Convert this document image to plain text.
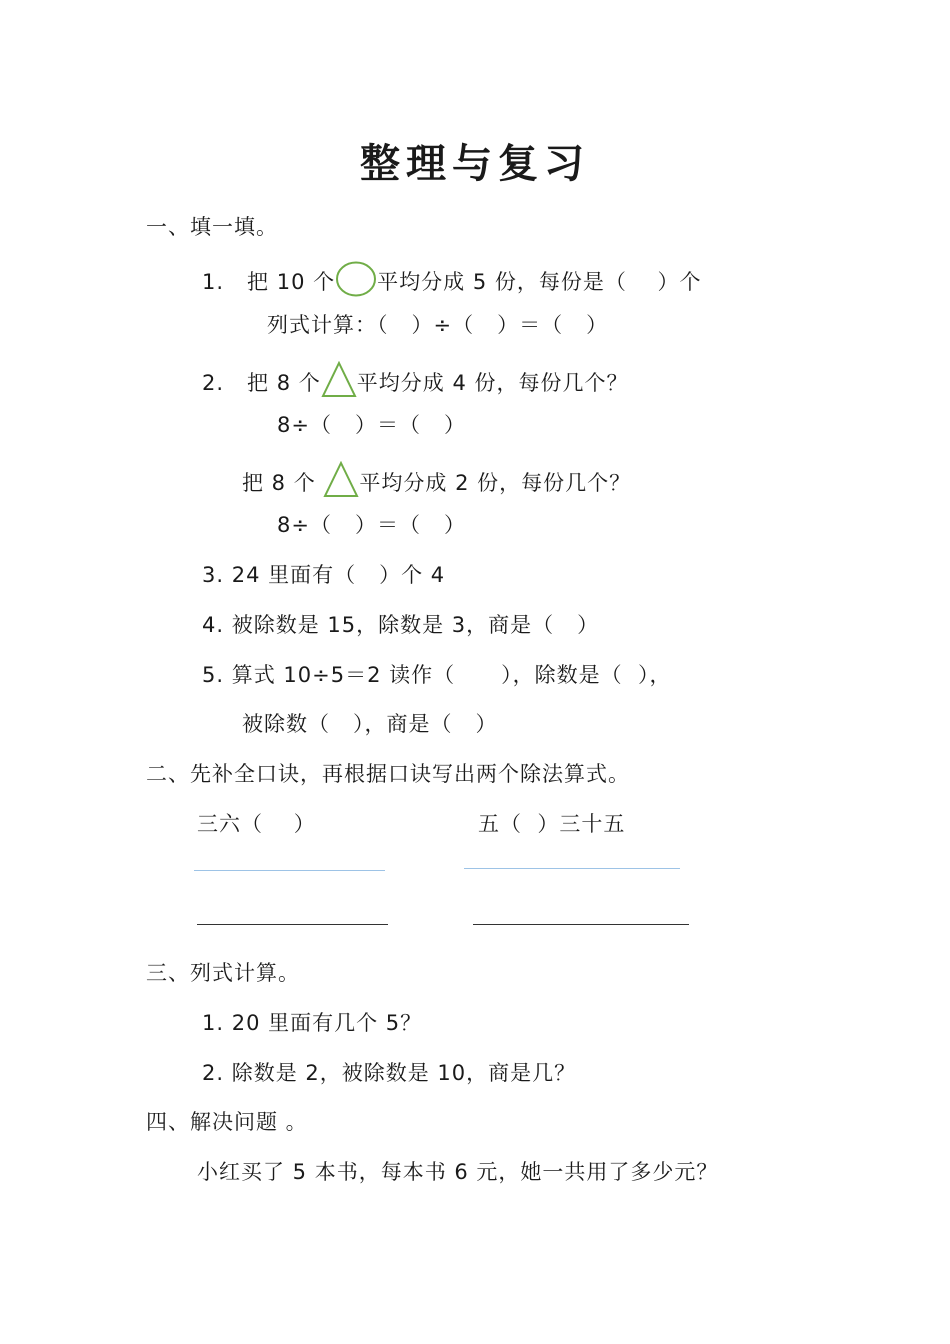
整理与复习
一、填一填。
1.   把 10 个 平均分成 5 份，每份是（    ）个
列式计算：（   ）÷（   ）＝（   ）
2.   把 8 个 平均分成 4 份，每份几个？
8÷（   ）＝（   ）
把 8 个 平均分成 2 份，每份几个？
8÷（   ）＝（   ）
3. 24 里面有（   ）个 4
4. 被除数是 15，除数是 3，商是（   ）
5. 算式 10÷5＝2 读作（      ），除数是（  ），
被除数（   ），商是（   ）
二、先补全口诀，再根据口诀写出两个除法算式。
三六（    ）	五（  ）三十五
三、列式计算。
1. 20 里面有几个 5？
2. 除数是 2，被除数是 10，商是几？
四、解决问题 。
小红买了 5 本书，每本书 6 元，她一共用了多少元？
